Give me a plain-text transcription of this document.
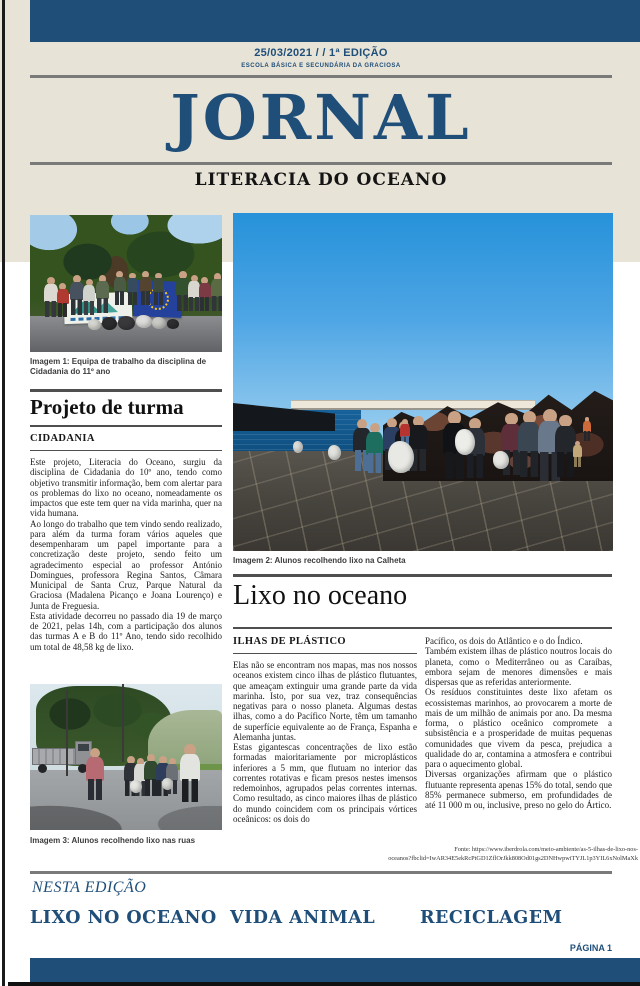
25/03/2021 / / 1ª EDIÇÃO
ESCOLA BÁSICA E SECUNDÁRIA DA GRACIOSA
JORNAL
LITERACIA DO OCEANO
Imagem 1: Equipa de trabalho da disciplina de Cidadania do 11º ano
Projeto de turma
CIDADANIA

Este projeto, Literacia do Oceano, surgiu da disciplina de Cidadania do 10º ano, tendo como objetivo transmitir informação, bem com alertar para os problemas do lixo no oceano, nomeadamente os impactos que este tem quer na vida marinha, quer na vida humana.

Ao longo do trabalho que tem vindo sendo realizado, para além da turma foram vários aqueles que desempenharam um papel importante para a concretização deste projeto, sendo feito um agradecimento especial ao professor António Domingues, professora Regina Santos, Câmara Municipal de Santa Cruz, Parque Natural da Graciosa (Madalena Picanço e Joana Lourenço) e Junta de Freguesia.

Esta atividade decorreu no passado dia 19 de março de 2021, pelas 14h, com a participação dos alunos das turmas A e B do 11º Ano, tendo sido recolhido um total de 48,58 kg de lixo.

Imagem 3: Alunos recolhendo lixo nas ruas
Imagem 2: Alunos recolhendo lixo na Calheta
Lixo no oceano
ILHAS DE PLÁSTICO

Elas não se encontram nos mapas, mas nos nossos oceanos existem cinco ilhas de plástico flutuantes, que ameaçam extinguir uma grande parte da vida marinha. Isto, por sua vez, traz consequências negativas para o nosso planeta. Algumas destas ilhas, como a do Pacífico Norte, têm um tamanho de superfície equivalente ao de França, Espanha e Alemanha juntas.

Estas gigantescas concentrações de lixo estão formadas maioritariamente por microplásticos inferiores a 5 mm, que flutuam no interior das correntes rotativas e ficam presos nestes imensos redemoinhos, agrupados pelas correntes internas. Como resultado, as cinco maiores ilhas de plástico do mundo coincidem com os principais vórtices oceânicos: os dois do

Pacífico, os dois do Atlântico e o do Índico.

Também existem ilhas de plástico noutros locais do planeta, como o Mediterrâneo ou as Caraíbas, embora sejam de menores dimensões e mais dispersas que as referidas anteriormente.

Os resíduos constituintes deste lixo afetam os ecossistemas marinhos, ao provocarem a morte de mais de um milhão de animais por ano. Da mesma forma, o plástico oceânico compromete a subsistência e a prosperidade de muitas pequenas comunidades que vivem da pesca, prejudica a qualidade do ar, contamina a atmosfera e contribui para o aquecimento global.

Diversas organizações afirmam que o plástico flutuante representa apenas 15% do total, sendo que 85% permanece submerso, em profundidades de até 11 000 m ou, inclusive, preso no gelo do Ártico.

Fonte: https://www.iberdrola.com/meio-ambiente/as-5-ilhas-de-lixo-nos-
oceanos?fbclid=IwAR34E5ekRcPtGD1ZflOrJkk808Od01gs2DNHwpwiTYJL1p3YIL6xNolMaXk
NESTA EDIÇÃO
LIXO NO OCEANO VIDA ANIMAL	RECICLAGEM
PÁGINA 1
